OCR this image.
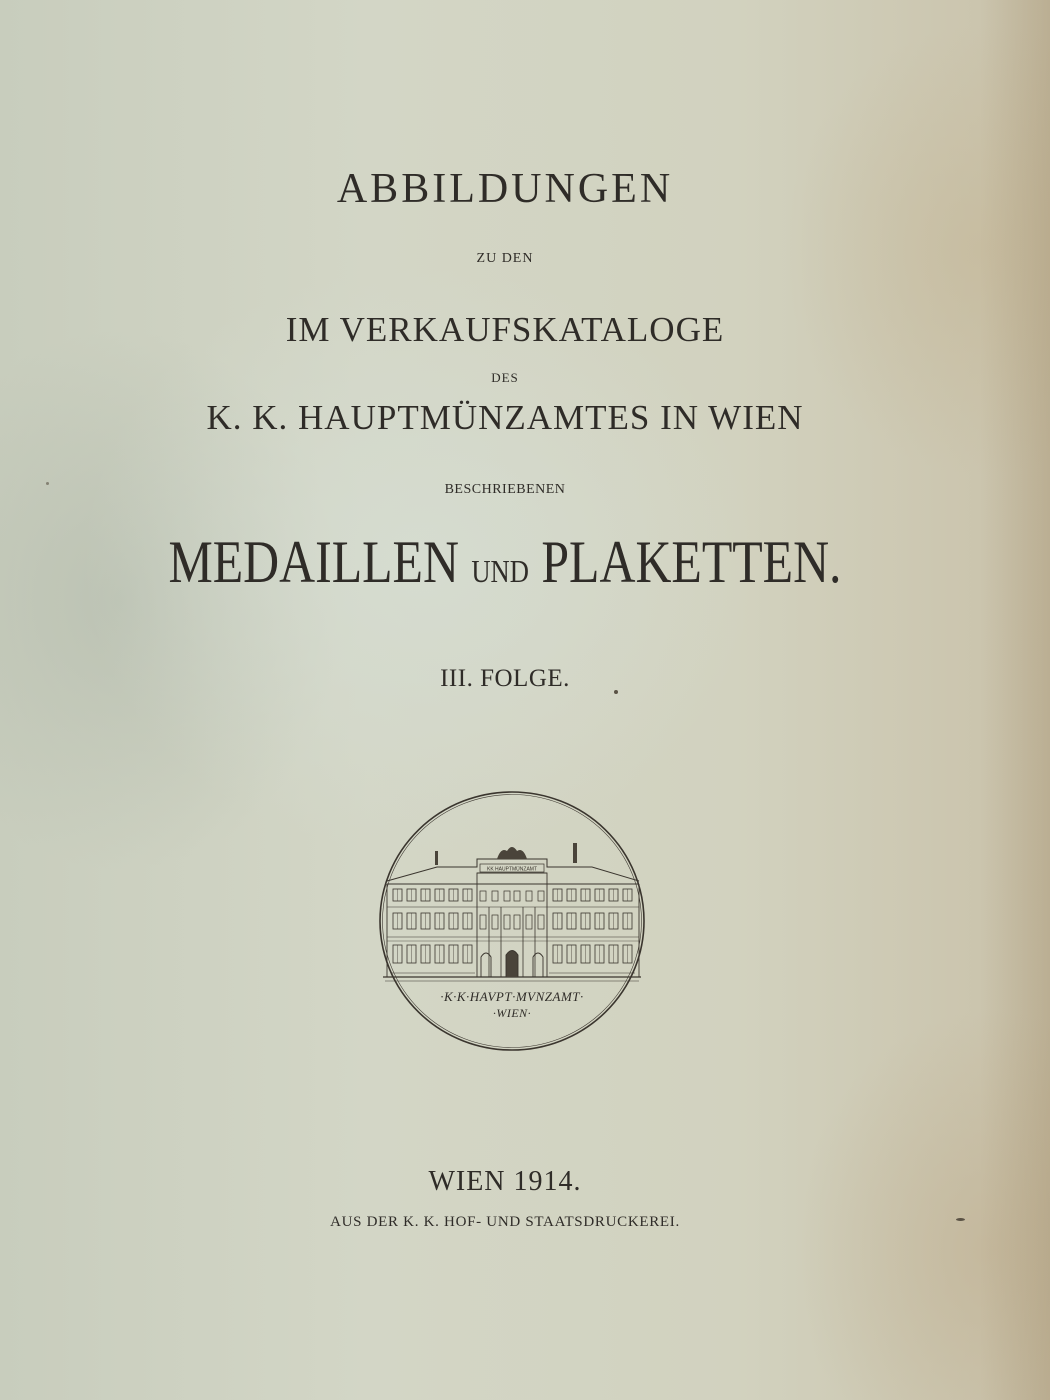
ABBILDUNGEN
ZU DEN
IM VERKAUFSKATALOGE
DES
K. K. HAUPTMÜNZAMTES IN WIEN
BESCHRIEBENEN
MEDAILLEN UND PLAKETTEN.
III. FOLGE.
KK HAUPTMÜNZAMT
·K·K·HAVPT·MVNZAMT·
·WIEN·
WIEN 1914.
AUS DER K. K. HOF- UND STAATSDRUCKEREI.
